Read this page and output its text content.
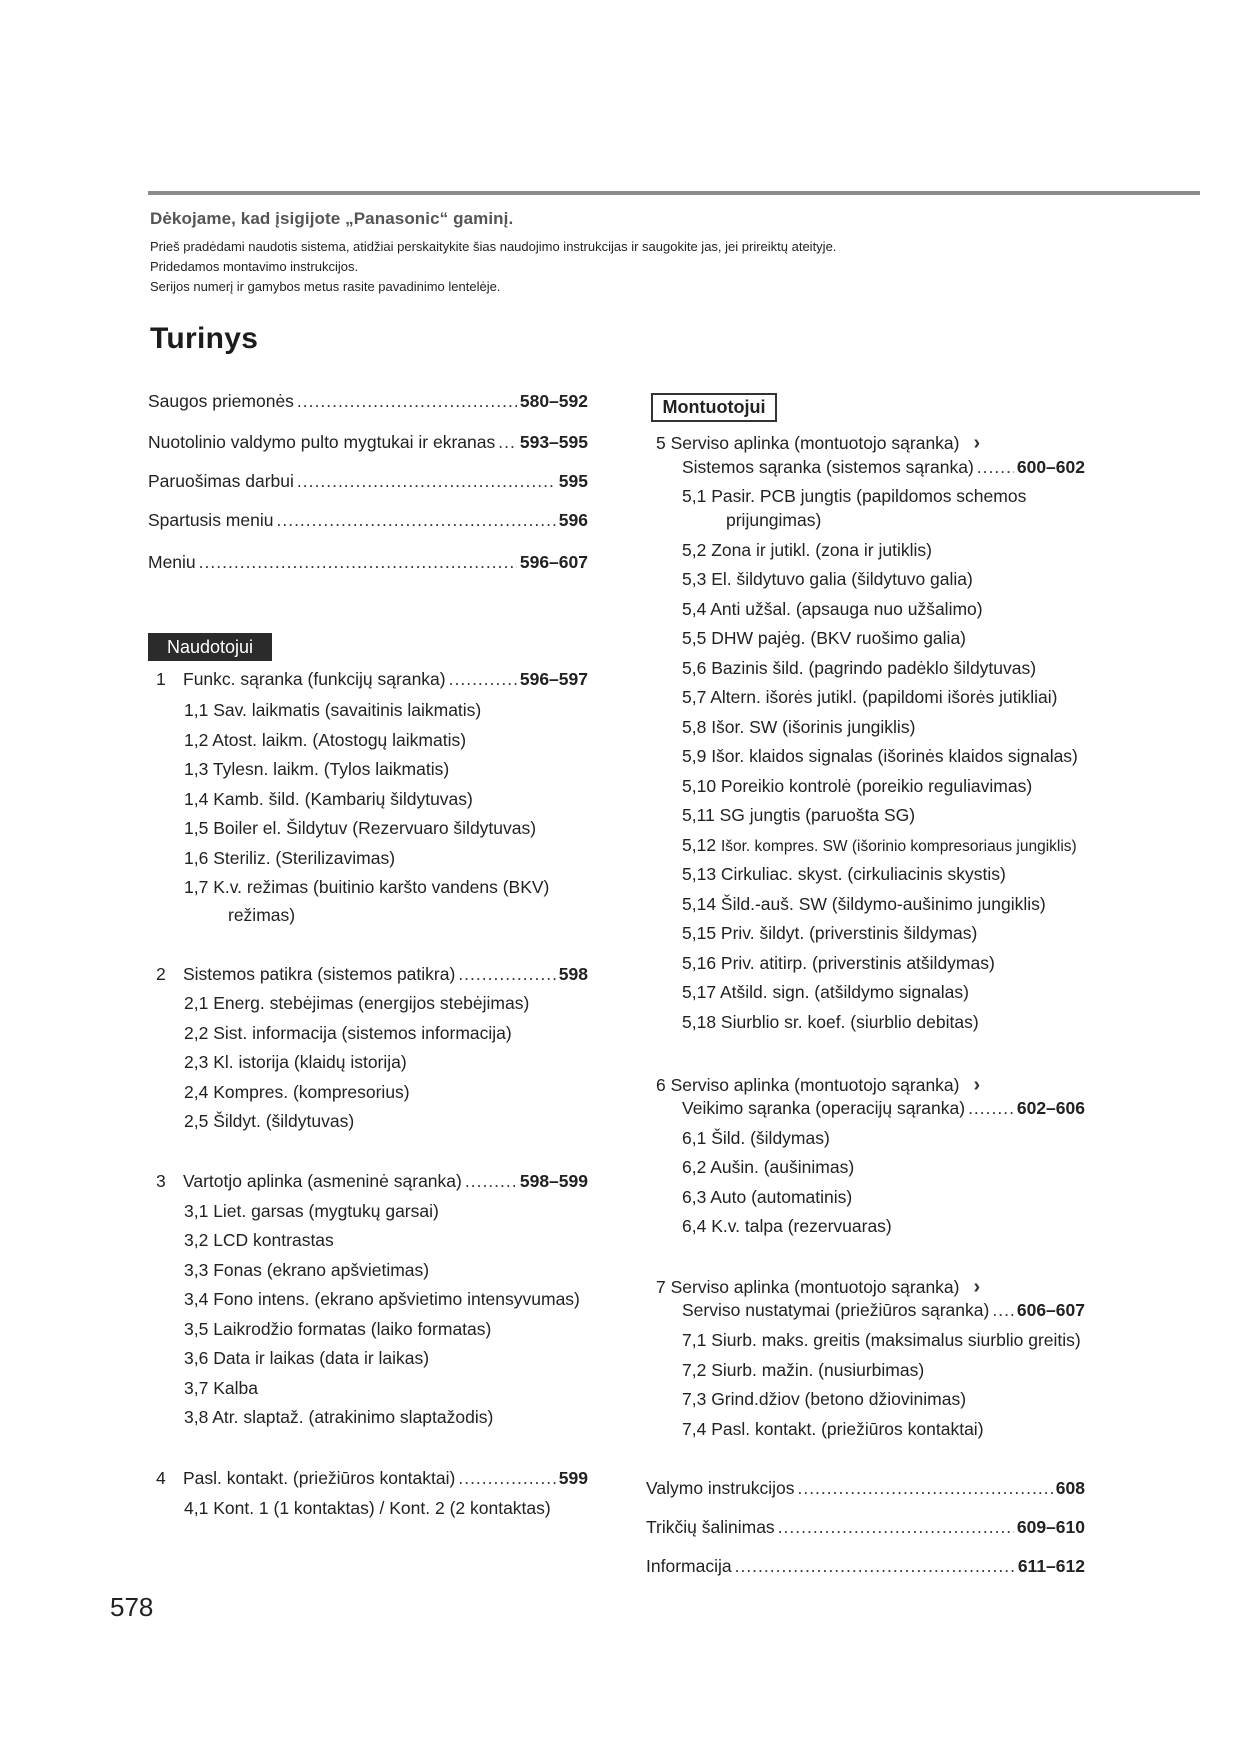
Dėkojame, kad įsigijote „Panasonic“ gaminį.
Prieš pradėdami naudotis sistema, atidžiai perskaitykite šias naudojimo instrukcijas ir saugokite jas, jei prireiktų ateityje.
Pridedamos montavimo instrukcijos.
Serijos numerį ir gamybos metus rasite pavadinimo lentelėje.
Turinys
Saugos priemonės .....	580–592
Nuotolinio valdymo pulto mygtukai ir ekranas ..... 593–595
Paruošimas darbui .....	595
Spartusis meniu .....	596
Meniu .....	596–607
Naudotojui
1 Funkc. sąranka (funkcijų sąranka) .....	596–597
1,1 Sav. laikmatis (savaitinis laikmatis)
1,2 Atost. laikm. (Atostogų laikmatis)
1,3 Tylesn. laikm. (Tylos laikmatis)
1,4 Kamb. šild. (Kambarių šildytuvas)
1,5 Boiler el. Šildytuv (Rezervuaro šildytuvas)
1,6 Steriliz. (Sterilizavimas)
1,7 K.v. režimas (buitinio karšto vandens (BKV)
režimas)
2 Sistemos patikra (sistemos patikra) .....	598
2,1 Energ. stebėjimas (energijos stebėjimas)
2,2 Sist. informacija (sistemos informacija)
2,3 Kl. istorija (klaidų istorija)
2,4 Kompres. (kompresorius)
2,5 Šildyt. (šildytuvas)
3 Vartotjo aplinka (asmeninė sąranka) .....	598–599
3,1 Liet. garsas (mygtukų garsai)
3,2 LCD kontrastas
3,3 Fonas (ekrano apšvietimas)
3,4 Fono intens. (ekrano apšvietimo intensyvumas)
3,5 Laikrodžio formatas (laiko formatas)
3,6 Data ir laikas (data ir laikas)
3,7 Kalba
3,8 Atr. slaptaž. (atrakinimo slaptažodis)
4 Pasl. kontakt. (priežiūros kontaktai) .....	599
4,1 Kont. 1 (1 kontaktas) / Kont. 2 (2 kontaktas)
Montuotojui
5 Serviso aplinka (montuotojo sąranka) ›
Sistemos sąranka (sistemos sąranka) ..... 600–602
5,1 Pasir. PCB jungtis (papildomos schemos
prijungimas)
5,2 Zona ir jutikl. (zona ir jutiklis)
5,3 El. šildytuvo galia (šildytuvo galia)
5,4 Anti užšal. (apsauga nuo užšalimo)
5,5 DHW pajėg. (BKV ruošimo galia)
5,6 Bazinis šild. (pagrindo padėklo šildytuvas)
5,7 Altern. išorės jutikl. (papildomi išorės jutikliai)
5,8 Išor. SW (išorinis jungiklis)
5,9 Išor. klaidos signalas (išorinės klaidos signalas)
5,10 Poreikio kontrolė (poreikio reguliavimas)
5,11 SG jungtis (paruošta SG)
5,12 Išor. kompres. SW (išorinio kompresoriaus jungiklis)
5,13 Cirkuliac. skyst. (cirkuliacinis skystis)
5,14 Šild.-auš. SW (šildymo-aušinimo jungiklis)
5,15 Priv. šildyt. (priverstinis šildymas)
5,16 Priv. atitirp. (priverstinis atšildymas)
5,17 Atšild. sign. (atšildymo signalas)
5,18 Siurblio sr. koef. (siurblio debitas)
6 Serviso aplinka (montuotojo sąranka) ›
Veikimo sąranka (operacijų sąranka) .....	602–606
6,1 Šild. (šildymas)
6,2 Aušin. (aušinimas)
6,3 Auto (automatinis)
6,4 K.v. talpa (rezervuaras)
7 Serviso aplinka (montuotojo sąranka) ›
Serviso nustatymai (priežiūros sąranka) ..... 606–607
7,1 Siurb. maks. greitis (maksimalus siurblio greitis)
7,2 Siurb. mažin. (nusiurbimas)
7,3 Grind.džiov (betono džiovinimas)
7,4 Pasl. kontakt. (priežiūros kontaktai)
Valymo instrukcijos .....	608
Trikčių šalinimas .....	609–610
Informacija .....	611–612
578
